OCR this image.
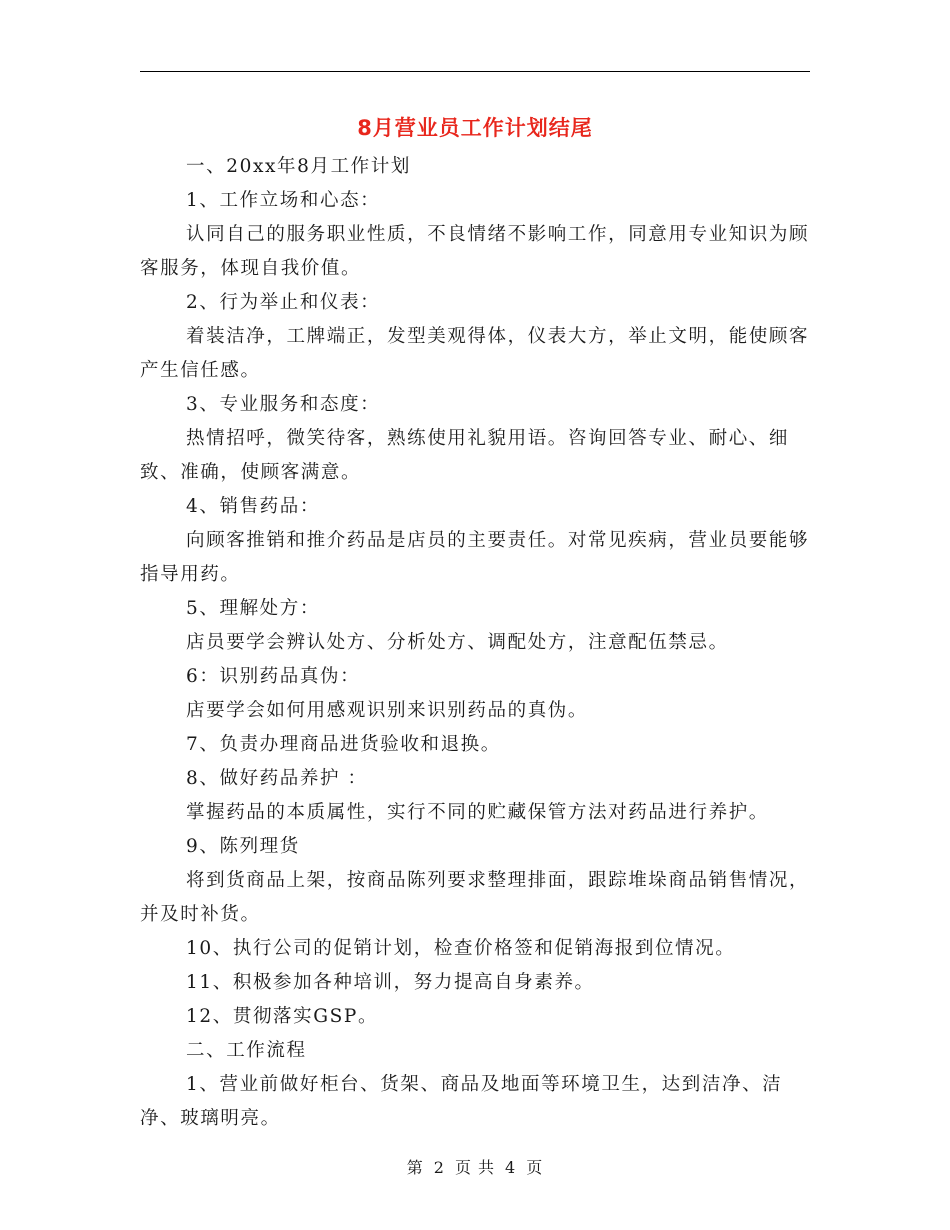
8月营业员工作计划结尾

一、20xx年8月工作计划

1、工作立场和心态：

认同自己的服务职业性质，不良情绪不影响工作，同意用专业知识为顾客服务，体现自我价值。

2、行为举止和仪表：

着装洁净，工牌端正，发型美观得体，仪表大方，举止文明，能使顾客产生信任感。

3、专业服务和态度：

热情招呼，微笑待客，熟练使用礼貌用语。咨询回答专业、耐心、细致、准确，使顾客满意。

4、销售药品：

向顾客推销和推介药品是店员的主要责任。对常见疾病，营业员要能够指导用药。

5、理解处方：

店员要学会辨认处方、分析处方、调配处方，注意配伍禁忌。

6：识别药品真伪：

店要学会如何用感观识别来识别药品的真伪。

7、负责办理商品进货验收和退换。

8、做好药品养护 ：

掌握药品的本质属性，实行不同的贮藏保管方法对药品进行养护。

9、陈列理货

将到货商品上架，按商品陈列要求整理排面，跟踪堆垛商品销售情况，并及时补货。

10、执行公司的促销计划，检查价格签和促销海报到位情况。

11、积极参加各种培训，努力提高自身素养。

12、贯彻落实GSP。

二、工作流程

1、营业前做好柜台、货架、商品及地面等环境卫生，达到洁净、洁净、玻璃明亮。

第 2 页 共 4 页
